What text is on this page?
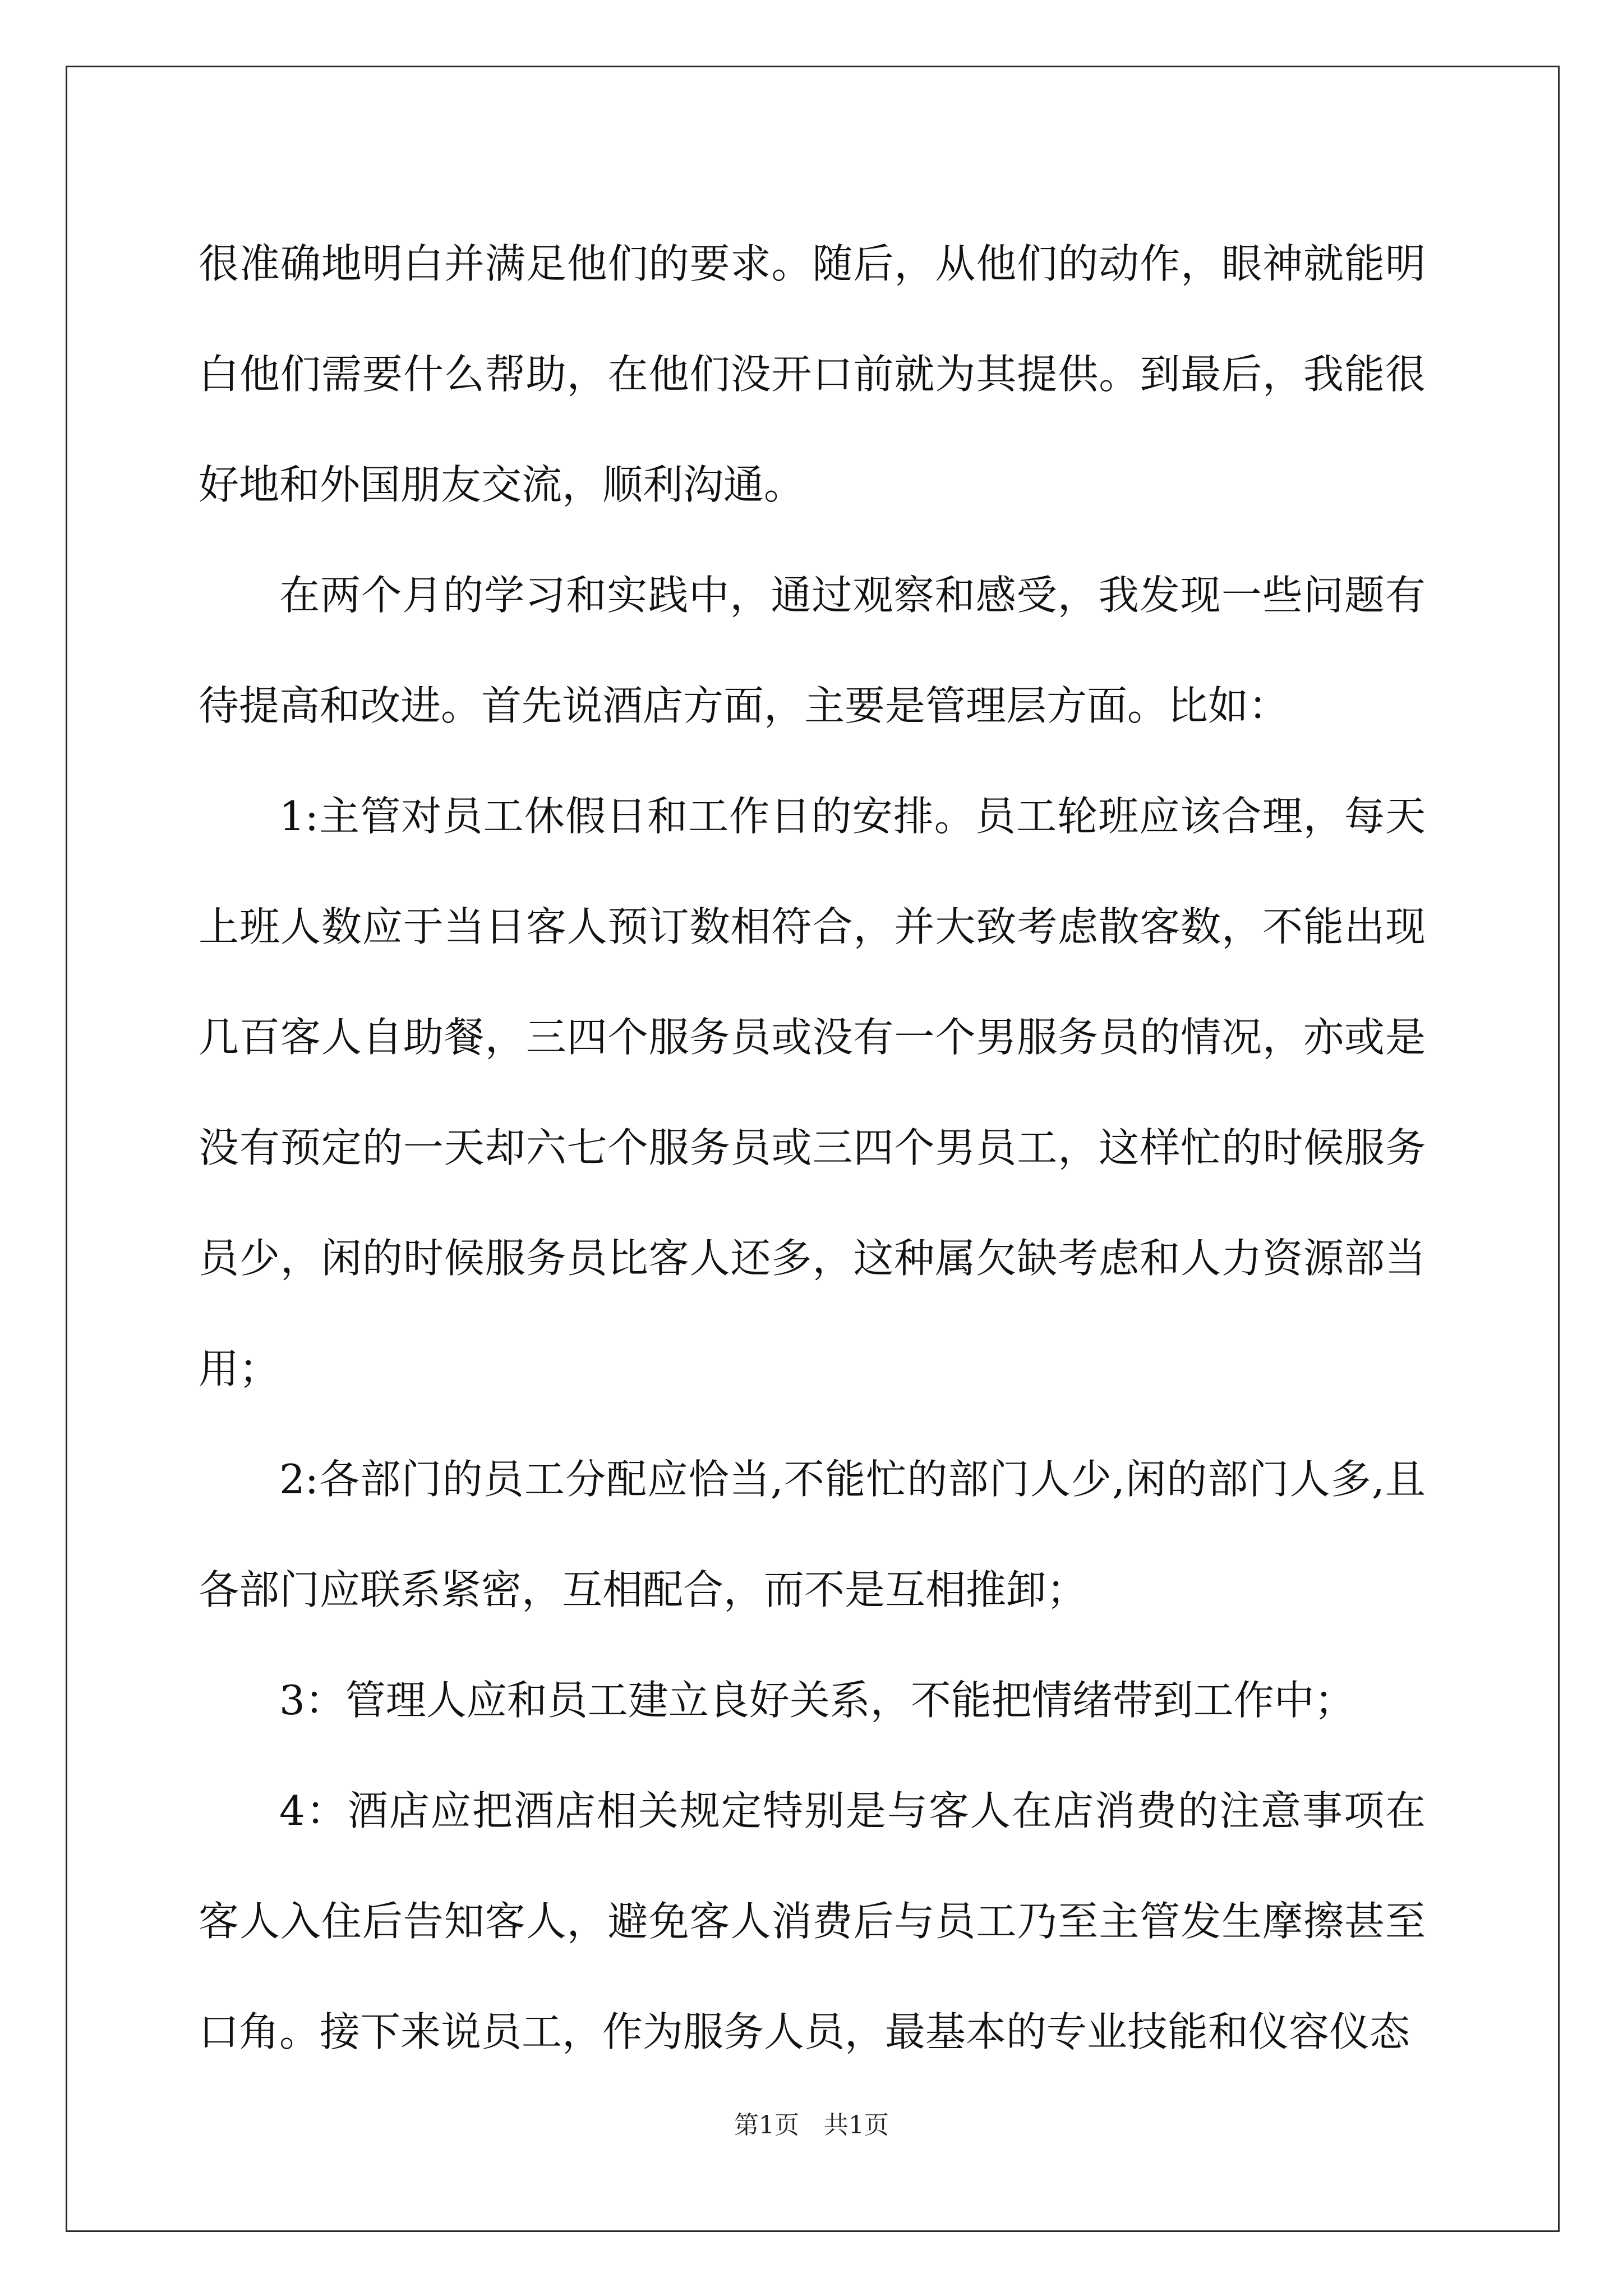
很准确地明白并满足他们的要求。随后，从他们的动作，眼神就能明白他们需要什么帮助，在他们没开口前就为其提供。到最后，我能很好地和外国朋友交流，顺利沟通。

在两个月的学习和实践中，通过观察和感受，我发现一些问题有待提高和改进。首先说酒店方面，主要是管理层方面。比如：

1:主管对员工休假日和工作日的安排。员工轮班应该合理，每天上班人数应于当日客人预订数相符合，并大致考虑散客数，不能出现几百客人自助餐，三四个服务员或没有一个男服务员的情况，亦或是没有预定的一天却六七个服务员或三四个男员工，这样忙的时候服务员少，闲的时候服务员比客人还多，这种属欠缺考虑和人力资源部当用；

2:各部门的员工分配应恰当,不能忙的部门人少,闲的部门人多,且各部门应联系紧密，互相配合，而不是互相推卸；

3：管理人应和员工建立良好关系，不能把情绪带到工作中；

4：酒店应把酒店相关规定特别是与客人在店消费的注意事项在客人入住后告知客人，避免客人消费后与员工乃至主管发生摩擦甚至口角。接下来说员工，作为服务人员，最基本的专业技能和仪容仪态

第1页 共1页
